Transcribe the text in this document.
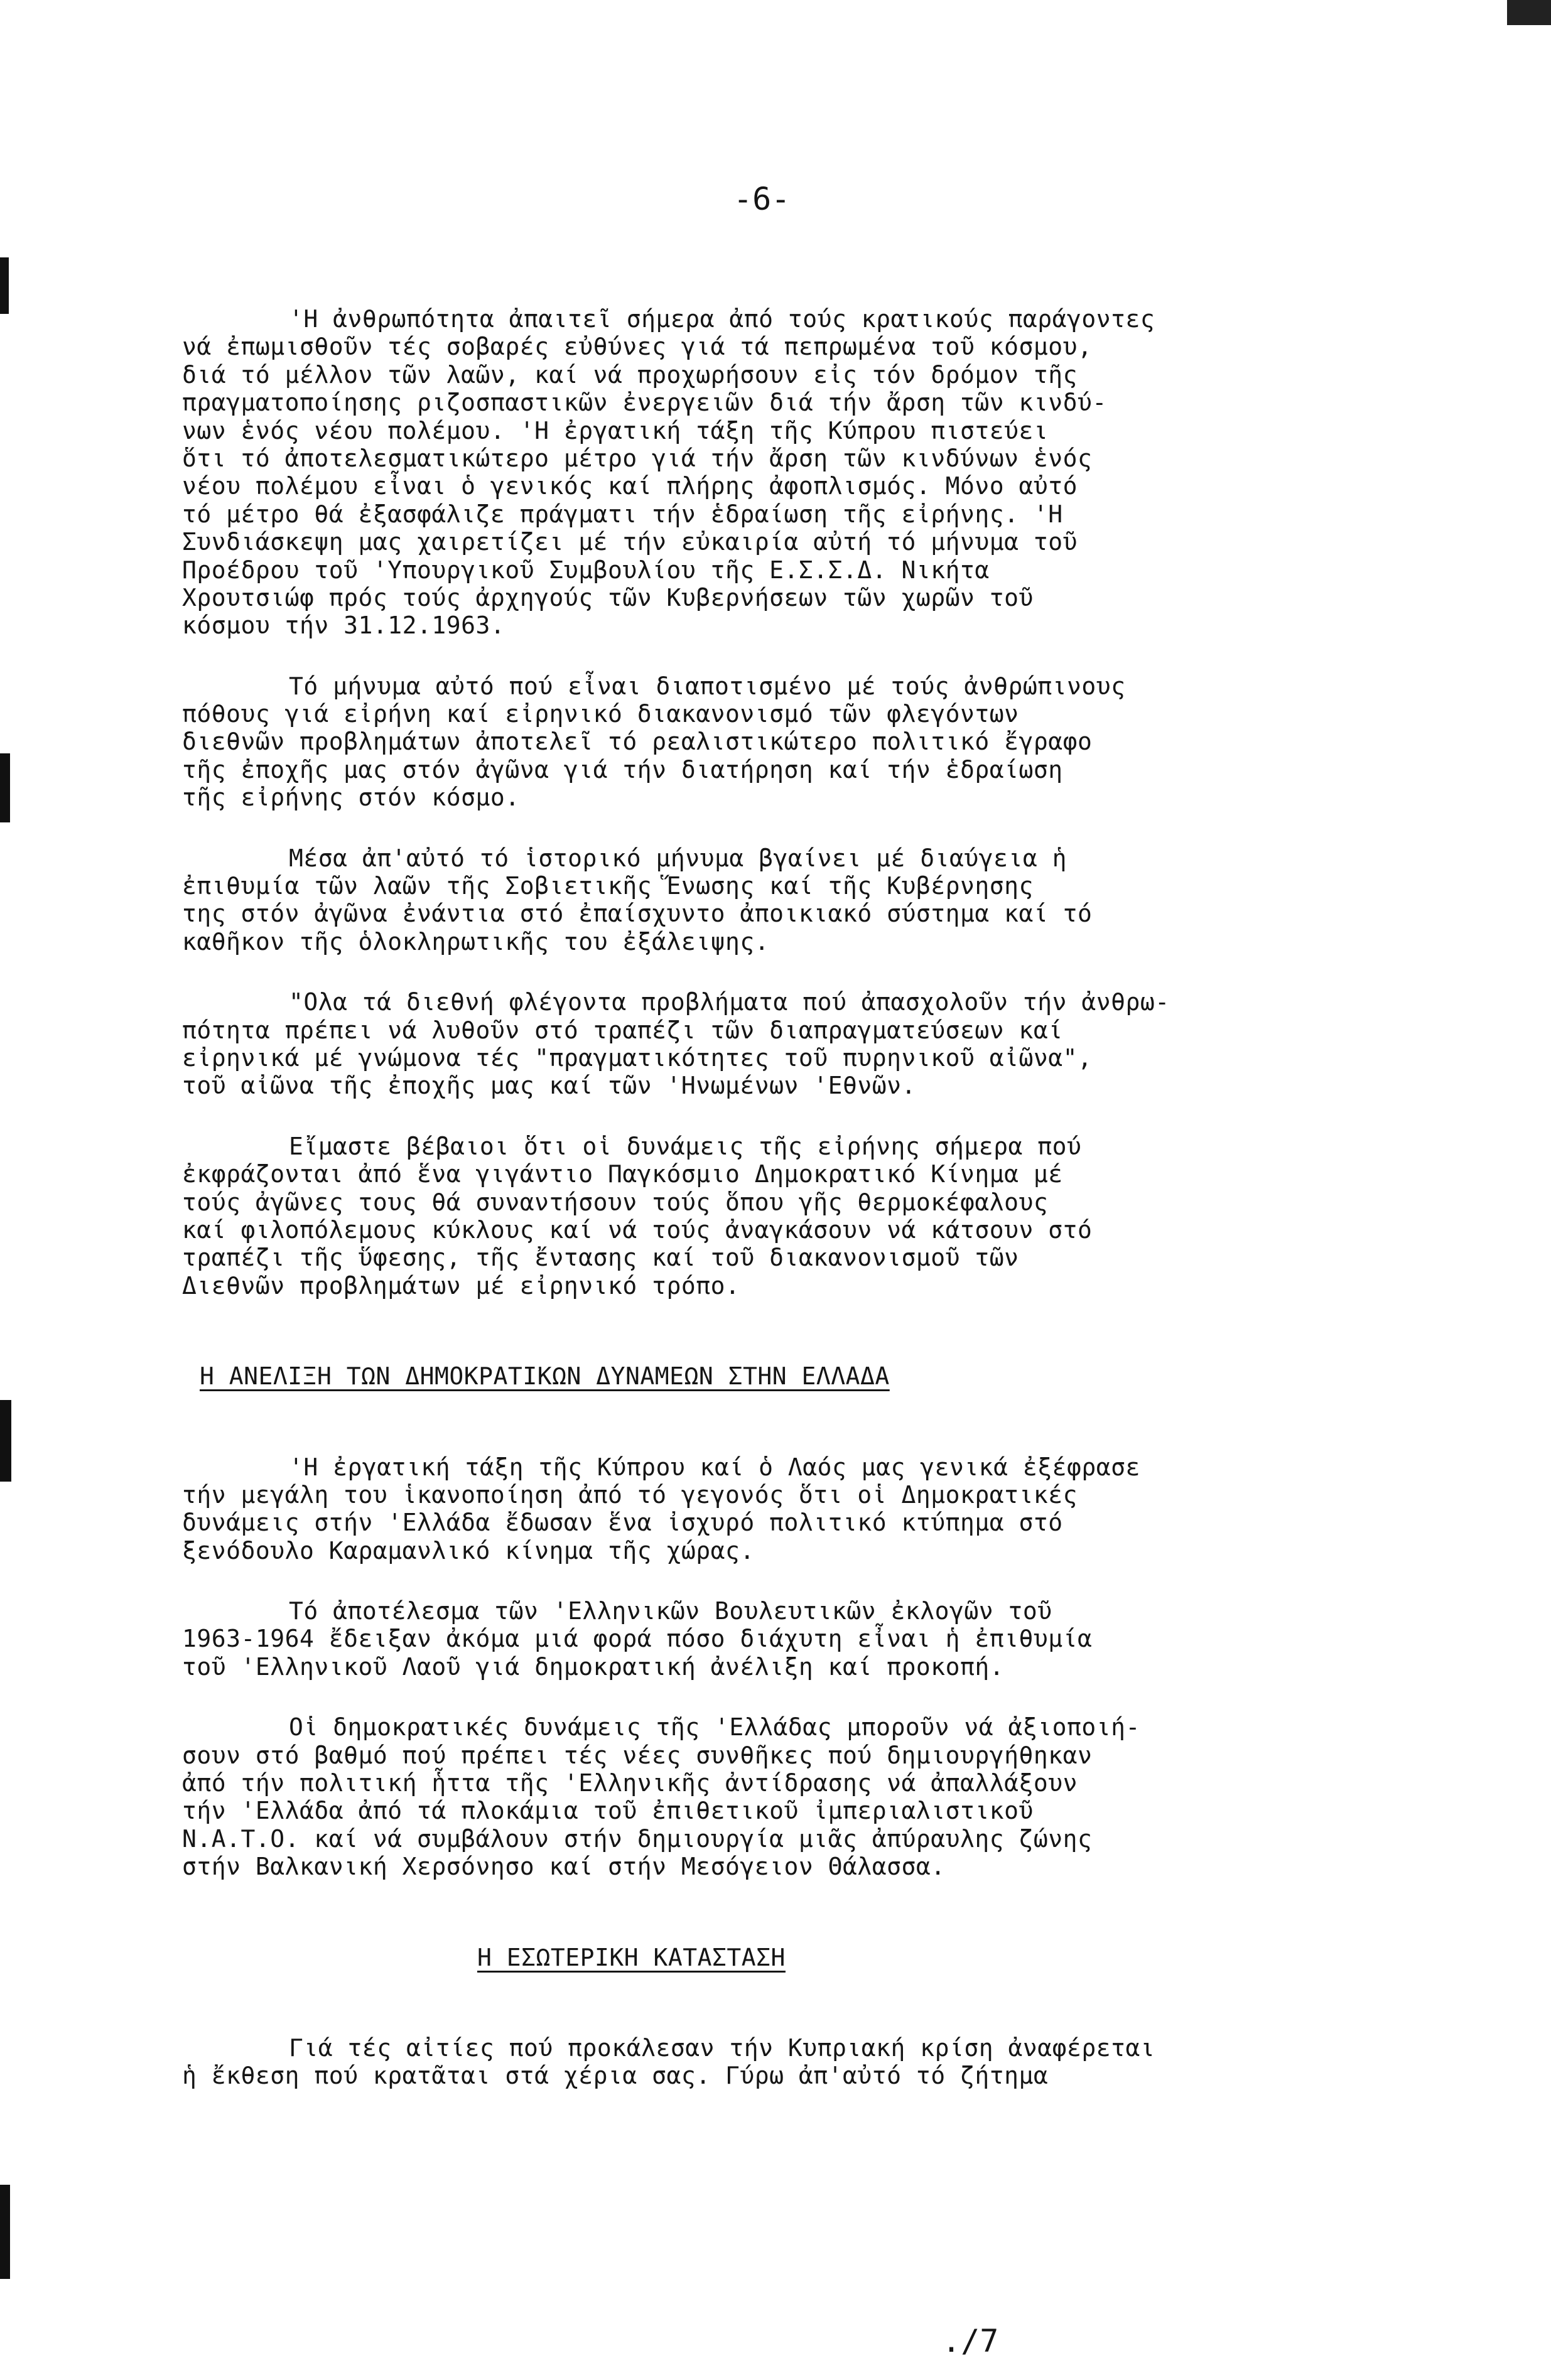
-6-
'Η ἀνθρωπότητα ἀπαιτεῖ σήμερα ἀπό τούς κρατικούς παράγοντες
νά ἐπωμισθοῦν τές σοβαρές εὐθύνες γιά τά πεπρωμένα τοῦ κόσμου,
διά τό μέλλον τῶν λαῶν, καί νά προχωρήσουν εἰς τόν δρόμον τῆς
πραγματοποίησης ριζοσπαστικῶν ἐνεργειῶν διά τήν ἄρση τῶν κινδύ-
νων ἑνός νέου πολέμου. 'Η ἐργατική τάξη τῆς Κύπρου πιστεύει
ὅτι τό ἀποτελεσματικώτερο μέτρο γιά τήν ἄρση τῶν κινδύνων ἑνός
νέου πολέμου εἶναι ὁ γενικός καί πλήρης ἀφοπλισμός. Μόνο αὐτό
τό μέτρο θά ἐξασφάλιζε πράγματι τήν ἑδραίωση τῆς εἰρήνης. 'Η
Συνδιάσκεψη μας χαιρετίζει μέ τήν εὐκαιρία αὐτή τό μήνυμα τοῦ
Προέδρου τοῦ 'Υπουργικοῦ Συμβουλίου τῆς Ε.Σ.Σ.Δ. Νικήτα
Χρουτσιώφ πρός τούς ἀρχηγούς τῶν Κυβερνήσεων τῶν χωρῶν τοῦ
κόσμου τήν 31.12.1963.
Τό μήνυμα αὐτό πού εἶναι διαποτισμένο μέ τούς ἀνθρώπινους
πόθους γιά εἰρήνη καί εἰρηνικό διακανονισμό τῶν φλεγόντων
διεθνῶν προβλημάτων ἀποτελεῖ τό ρεαλιστικώτερο πολιτικό ἔγραφο
τῆς ἐποχῆς μας στόν ἀγῶνα γιά τήν διατήρηση καί τήν ἑδραίωση
τῆς εἰρήνης στόν κόσμο.
Μέσα ἀπ'αὐτό τό ἱστορικό μήνυμα βγαίνει μέ διαύγεια ἡ
ἐπιθυμία τῶν λαῶν τῆς Σοβιετικῆς Ἕνωσης καί τῆς Κυβέρνησης
της στόν ἀγῶνα ἐνάντια στό ἐπαίσχυντο ἀποικιακό σύστημα καί τό
καθῆκον τῆς ὁλοκληρωτικῆς του ἐξάλειψης.
"Ολα τά διεθνή φλέγοντα προβλήματα πού ἀπασχολοῦν τήν ἀνθρω-
πότητα πρέπει νά λυθοῦν στό τραπέζι τῶν διαπραγματεύσεων καί
εἰρηνικά μέ γνώμονα τές "πραγματικότητες τοῦ πυρηνικοῦ αἰῶνα",
τοῦ αἰῶνα τῆς ἐποχῆς μας καί τῶν 'Ηνωμένων 'Εθνῶν.
Εἴμαστε βέβαιοι ὅτι οἱ δυνάμεις τῆς εἰρήνης σήμερα πού
ἐκφράζονται ἀπό ἕνα γιγάντιο Παγκόσμιο Δημοκρατικό Κίνημα μέ
τούς ἀγῶνες τους θά συναντήσουν τούς ὅπου γῆς θερμοκέφαλους
καί φιλοπόλεμους κύκλους καί νά τούς ἀναγκάσουν νά κάτσουν στό
τραπέζι τῆς ὕφεσης, τῆς ἔντασης καί τοῦ διακανονισμοῦ τῶν
Διεθνῶν προβλημάτων μέ εἰρηνικό τρόπο.
Η ΑΝΕΛΙΞΗ ΤΩΝ ΔΗΜΟΚΡΑΤΙΚΩΝ ΔΥΝΑΜΕΩΝ ΣΤΗΝ ΕΛΛΑΔΑ
'Η ἐργατική τάξη τῆς Κύπρου καί ὁ Λαός μας γενικά ἐξέφρασε
τήν μεγάλη του ἱκανοποίηση ἀπό τό γεγονός ὅτι οἱ Δημοκρατικές
δυνάμεις στήν 'Ελλάδα ἔδωσαν ἕνα ἰσχυρό πολιτικό κτύπημα στό
ξενόδουλο Καραμανλικό κίνημα τῆς χώρας.
Τό ἀποτέλεσμα τῶν 'Ελληνικῶν Βουλευτικῶν ἐκλογῶν τοῦ
1963-1964 ἔδειξαν ἀκόμα μιά φορά πόσο διάχυτη εἶναι ἡ ἐπιθυμία
τοῦ 'Ελληνικοῦ Λαοῦ γιά δημοκρατική ἀνέλιξη καί προκοπή.
Οἱ δημοκρατικές δυνάμεις τῆς 'Ελλάδας μποροῦν νά ἀξιοποιή-
σουν στό βαθμό πού πρέπει τές νέες συνθῆκες πού δημιουργήθηκαν
ἀπό τήν πολιτική ἧττα τῆς 'Ελληνικῆς ἀντίδρασης νά ἀπαλλάξουν
τήν 'Ελλάδα ἀπό τά πλοκάμια τοῦ ἐπιθετικοῦ ἰμπεριαλιστικοῦ
Ν.Α.Τ.Ο. καί νά συμβάλουν στήν δημιουργία μιᾶς ἀπύραυλης ζώνης
στήν Βαλκανική Χερσόνησο καί στήν Μεσόγειον Θάλασσα.
Η ΕΣΩΤΕΡΙΚΗ ΚΑΤΑΣΤΑΣΗ
Γιά τές αἰτίες πού προκάλεσαν τήν Κυπριακή κρίση ἀναφέρεται
ἡ ἔκθεση πού κρατᾶται στά χέρια σας. Γύρω ἀπ'αὐτό τό ζήτημα
./7
